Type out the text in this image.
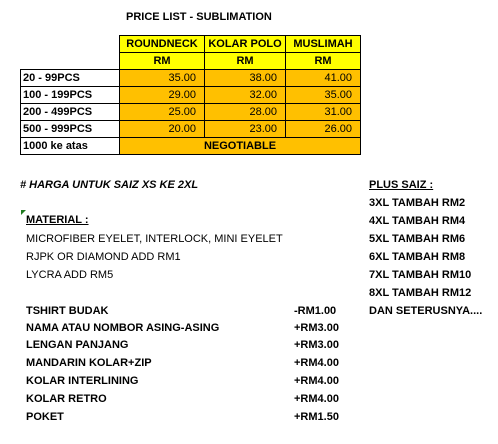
PRICE LIST - SUBLIMATION
	ROUNDNECK	KOLAR POLO	MUSLIMAH
	RM	RM	RM
20 - 99PCS	35.00	38.00	41.00
100 - 199PCS	29.00	32.00	35.00
200 - 499PCS	25.00	28.00	31.00
500 - 999PCS	20.00	23.00	26.00
1000 ke atas	NEGOTIABLE		
# HARGA UNTUK SAIZ XS KE 2XL	PLUS SAIZ :
3XL TAMBAH RM2
4XL TAMBAH RM4
5XL TAMBAH RM6
6XL TAMBAH RM8
7XL TAMBAH RM10
8XL TAMBAH RM12
DAN SETERUSNYA....
MATERIAL :
MICROFIBER EYELET, INTERLOCK, MINI EYELET
RJPK OR DIAMOND ADD RM1
LYCRA ADD RM5
TSHIRT BUDAK	-RM1.00
NAMA ATAU NOMBOR ASING-ASING	+RM3.00
LENGAN PANJANG	+RM3.00
MANDARIN KOLAR+ZIP	+RM4.00
KOLAR INTERLINING	+RM4.00
KOLAR RETRO	+RM4.00
POKET	+RM1.50
